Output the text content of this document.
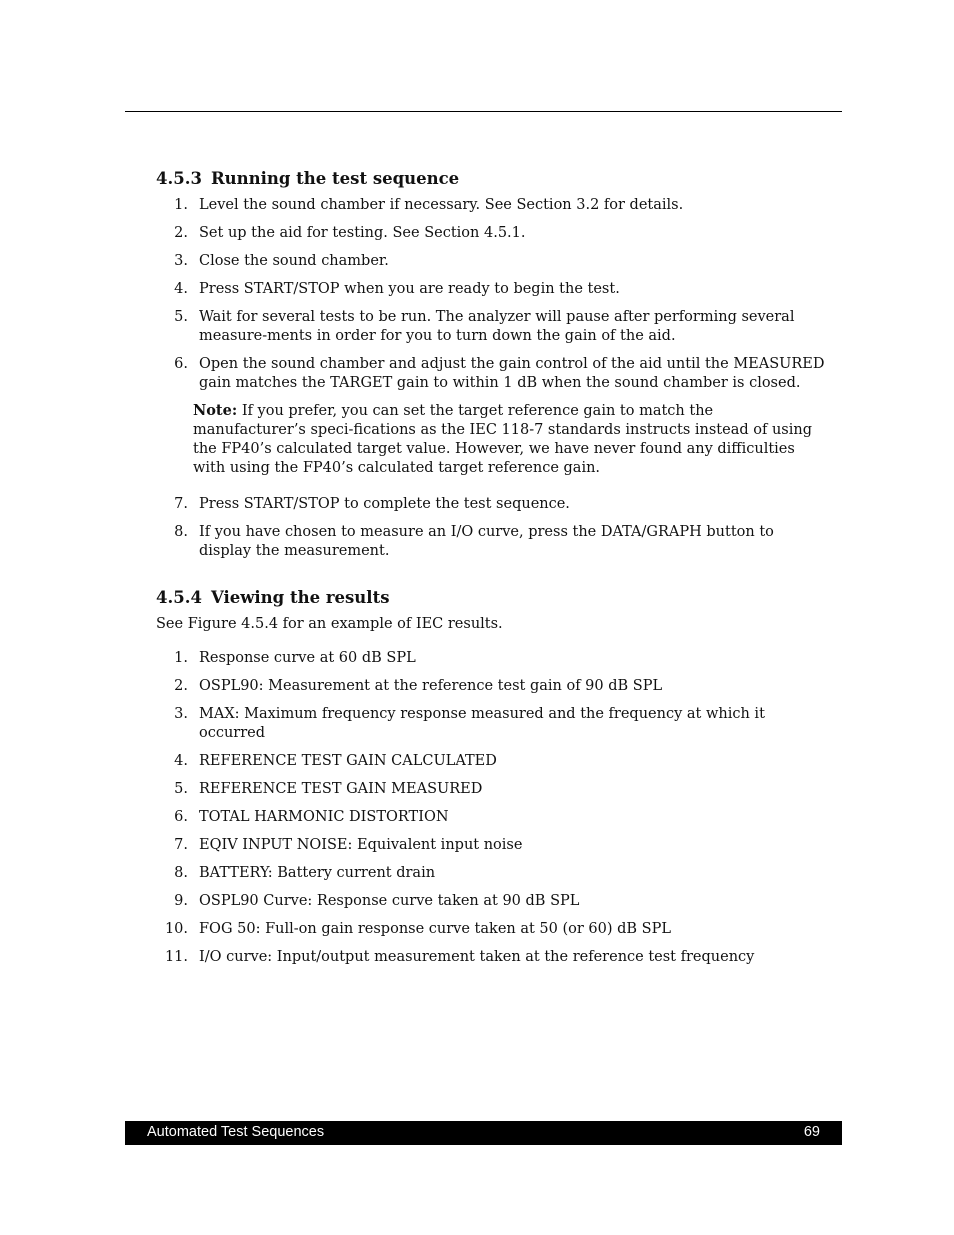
4.5.3 Running the test sequence
1. Level the sound chamber if necessary. See Section 3.2 for details.
2. Set up the aid for testing. See Section 4.5.1.
3. Close the sound chamber.
4. Press START/STOP when you are ready to begin the test.
5. Wait for several tests to be run. The analyzer will pause after performing several measure-ments in order for you to turn down the gain of the aid.
6. Open the sound chamber and adjust the gain control of the aid until the MEASURED gain matches the TARGET gain to within 1 dB when the sound chamber is closed.
Note: If you prefer, you can set the target reference gain to match the manufacturer’s speci-fications as the IEC 118-7 standards instructs instead of using the FP40’s calculated target value. However, we have never found any difficulties with using the FP40’s calculated target reference gain.
7. Press START/STOP to complete the test sequence.
8. If you have chosen to measure an I/O curve, press the DATA/GRAPH button to display the measurement.
4.5.4 Viewing the results

See Figure 4.5.4 for an example of IEC results.

1. Response curve at 60 dB SPL
2. OSPL90: Measurement at the reference test gain of 90 dB SPL
3. MAX: Maximum frequency response measured and the frequency at which it occurred
4. REFERENCE TEST GAIN CALCULATED
5. REFERENCE TEST GAIN MEASURED
6. TOTAL HARMONIC DISTORTION
7. EQIV INPUT NOISE: Equivalent input noise
8. BATTERY: Battery current drain
9. OSPL90 Curve: Response curve taken at 90 dB SPL
10. FOG 50: Full-on gain response curve taken at 50 (or 60) dB SPL
11. I/O curve: Input/output measurement taken at the reference test frequency
Automated Test Sequences	69
